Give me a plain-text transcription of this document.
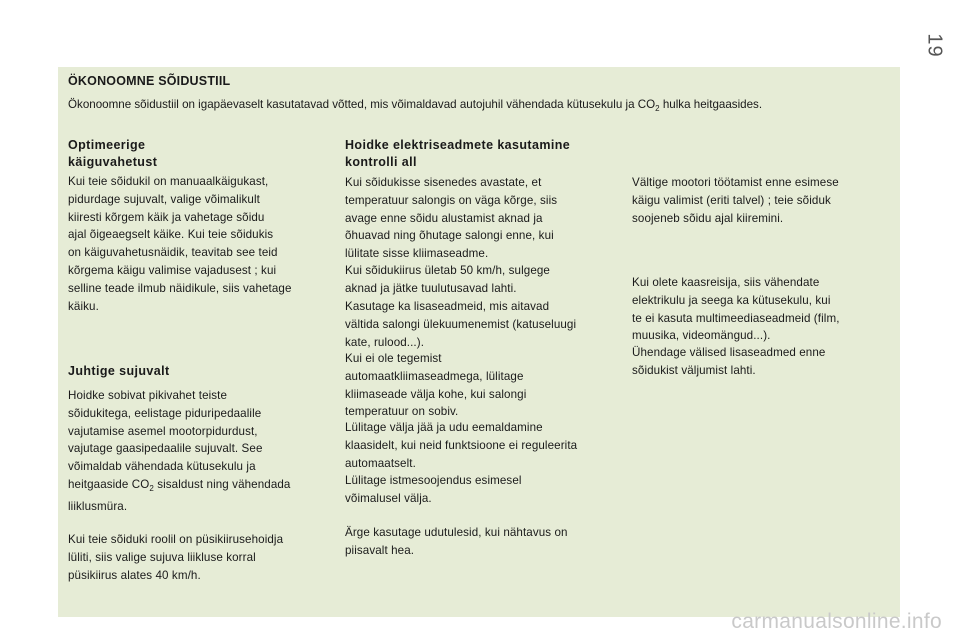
19
ÖKONOOMNE SÕIDUSTIIL
Ökonoomne sõidustiil on igapäevaselt kasutatavad võtted, mis võimaldavad autojuhil vähendada kütusekulu ja $CO_2$ hulka heitgaasides.
Optimeerige
käiguvahetust
Kui teie sõidukil on manuaalkäigukast,
pidurdage sujuvalt, valige võimalikult
kiiresti kõrgem käik ja vahetage sõidu
ajal õigeaegselt käike. Kui teie sõidukis
on käiguvahetusnäidik, teavitab see teid
kõrgema käigu valimise vajadusest ; kui
selline teade ilmub näidikule, siis vahetage
käiku.
Juhtige sujuvalt
Hoidke sobivat pikivahet teiste
sõidukitega, eelistage piduripedaalile
vajutamise asemel mootorpidurdust,
vajutage gaasipedaalile sujuvalt. See
võimaldab vähendada kütusekulu ja
heitgaaside $CO_2$ sisaldust ning vähendada
liiklusmüra.
Kui teie sõiduki roolil on püsikiirusehoidja
lüliti, siis valige sujuva liikluse korral
püsikiirus alates 40 km/h.
Hoidke elektriseadmete kasutamine
kontrolli all
Kui sõidukisse sisenedes avastate, et
temperatuur salongis on väga kõrge, siis
avage enne sõidu alustamist aknad ja
õhuavad ning õhutage salongi enne, kui
lülitate sisse kliimaseadme.
Kui sõidukiirus ületab 50 km/h, sulgege
aknad ja jätke tuulutusavad lahti.
Kasutage ka lisaseadmeid, mis aitavad
vältida salongi ülekuumenemist (katuseluugi
kate, rulood...).
Kui ei ole tegemist
automaatkliimaseadmega, lülitage
kliimaseade välja kohe, kui salongi
temperatuur on sobiv.
Lülitage välja jää ja udu eemaldamine
klaasidelt, kui neid funktsioone ei reguleerita
automaatselt.
Lülitage istmesoojendus esimesel
võimalusel välja.
Ärge kasutage udutulesid, kui nähtavus on
piisavalt hea.
Vältige mootori töötamist enne esimese
käigu valimist (eriti talvel) ; teie sõiduk
soojeneb sõidu ajal kiiremini.
Kui olete kaasreisija, siis vähendate
elektrikulu ja seega ka kütusekulu, kui
te ei kasuta multimeediaseadmeid (film,
muusika, videomängud...).
Ühendage välised lisaseadmed enne
sõidukist väljumist lahti.
carmanualsonline.info
